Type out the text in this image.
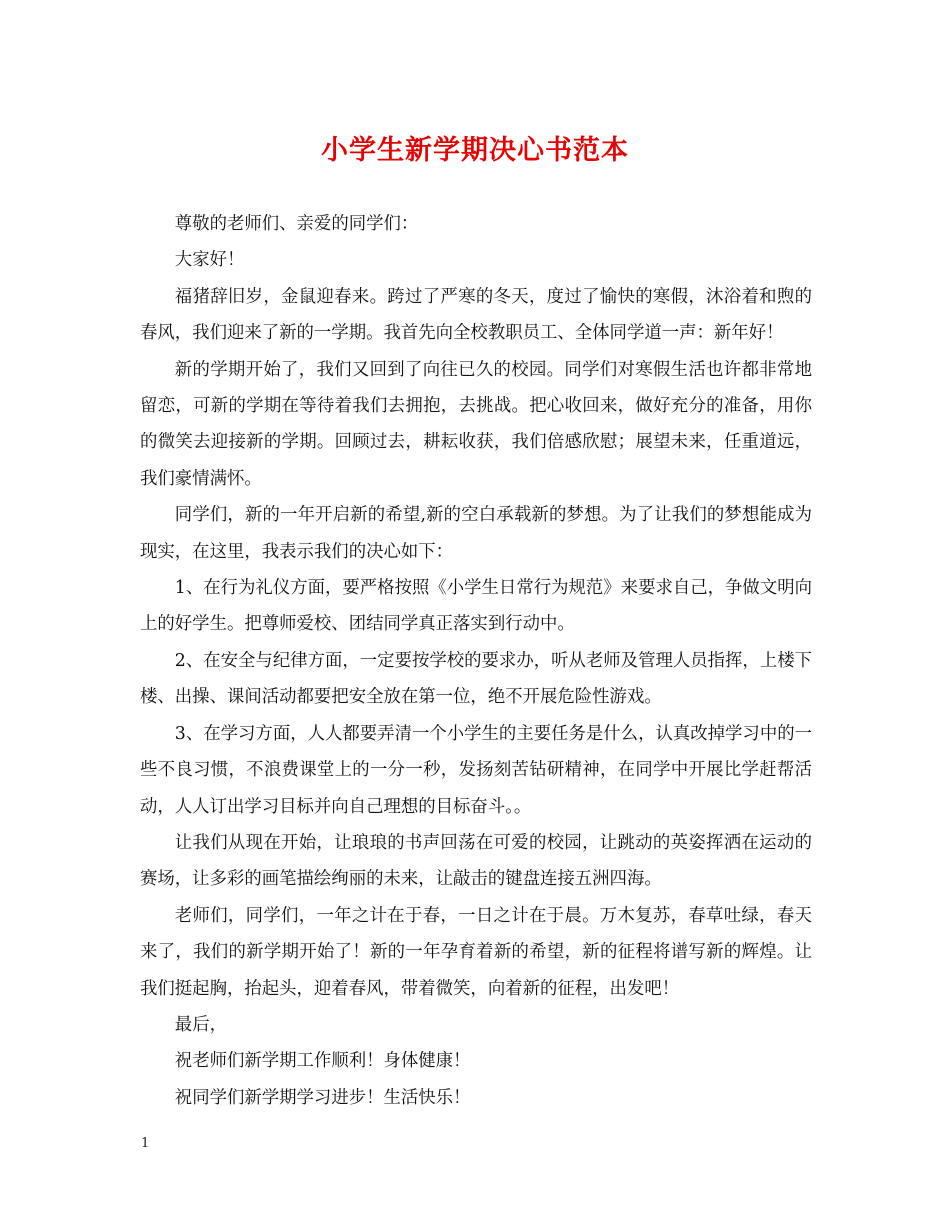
小学生新学期决心书范本

尊敬的老师们、亲爱的同学们：

大家好！

福猪辞旧岁，金鼠迎春来。跨过了严寒的冬天，度过了愉快的寒假，沐浴着和煦的春风，我们迎来了新的一学期。我首先向全校教职员工、全体同学道一声：新年好！

新的学期开始了，我们又回到了向往已久的校园。同学们对寒假生活也许都非常地留恋，可新的学期在等待着我们去拥抱，去挑战。把心收回来，做好充分的准备，用你的微笑去迎接新的学期。回顾过去，耕耘收获，我们倍感欣慰；展望未来，任重道远，我们豪情满怀。

同学们，新的一年开启新的希望,新的空白承载新的梦想。为了让我们的梦想能成为现实，在这里，我表示我们的决心如下：

1、在行为礼仪方面，要严格按照《小学生日常行为规范》来要求自己，争做文明向上的好学生。把尊师爱校、团结同学真正落实到行动中。

2、在安全与纪律方面，一定要按学校的要求办，听从老师及管理人员指挥，上楼下楼、出操、课间活动都要把安全放在第一位，绝不开展危险性游戏。

3、在学习方面，人人都要弄清一个小学生的主要任务是什么，认真改掉学习中的一些不良习惯，不浪费课堂上的一分一秒，发扬刻苦钻研精神，在同学中开展比学赶帮活动，人人订出学习目标并向自己理想的目标奋斗。。

让我们从现在开始，让琅琅的书声回荡在可爱的校园，让跳动的英姿挥洒在运动的赛场，让多彩的画笔描绘绚丽的未来，让敲击的键盘连接五洲四海。

老师们，同学们，一年之计在于春，一日之计在于晨。万木复苏，春草吐绿，春天来了，我们的新学期开始了！新的一年孕育着新的希望，新的征程将谱写新的辉煌。让我们挺起胸，抬起头，迎着春风，带着微笑，向着新的征程，出发吧！

最后，

祝老师们新学期工作顺利！身体健康！

祝同学们新学期学习进步！生活快乐！

1
